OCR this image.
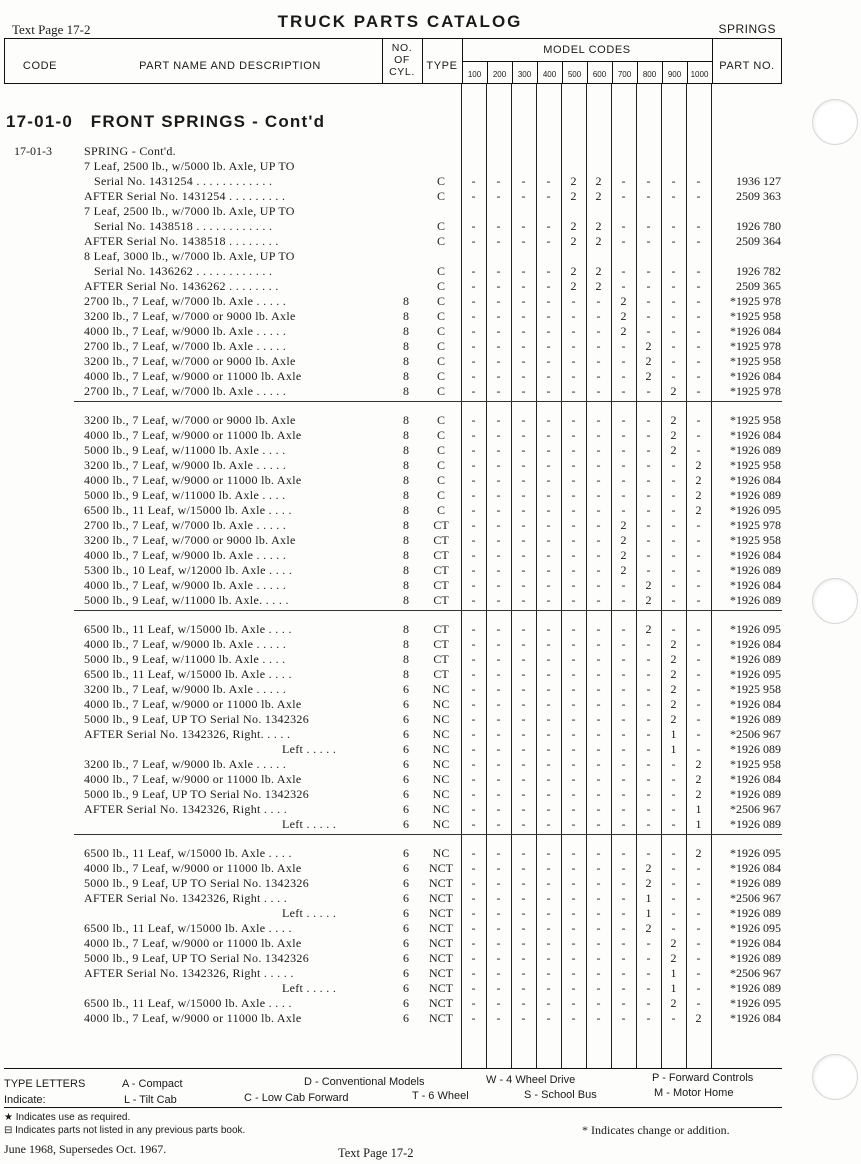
Text Page 17-2	TRUCK PARTS CATALOG	SPRINGS
CODE	PART NAME AND DESCRIPTION
NO.
OF
CYL.	TYPE
MODEL CODES
100	200	300	400	500	600	700	800	900	1000
PART NO.
17-01-0   FRONT SPRINGS - Cont'd
17-01-3	SPRING - Cont'd.
7 Leaf, 2500 lb., w/5000 lb. Axle, UP TO
Serial No. 1431254 . . . . . . . . . . . .	C	-	-	-	-	2	2	-	-	-	-	1936 127
AFTER Serial No. 1431254 . . . . . . . . .	C	-	-	-	-	2	2	-	-	-	-	2509 363
7 Leaf, 2500 lb., w/7000 lb. Axle, UP TO
Serial No. 1438518 . . . . . . . . . . . .	C	-	-	-	-	2	2	-	-	-	-	1926 780
AFTER Serial No. 1438518 . . . . . . . .	C	-	-	-	-	2	2	-	-	-	-	2509 364
8 Leaf, 3000 lb., w/7000 lb. Axle, UP TO
Serial No. 1436262 . . . . . . . . . . . .	C	-	-	-	-	2	2	-	-	-	-	1926 782
AFTER Serial No. 1436262 . . . . . . . .	C	-	-	-	-	2	2	-	-	-	-	2509 365
2700 lb., 7 Leaf, w/7000 lb. Axle . . . . .	8	C	-	-	-	-	-	-	2	-	-	-	*1925 978
3200 lb., 7 Leaf, w/7000 or 9000 lb. Axle	8	C	-	-	-	-	-	-	2	-	-	-	*1925 958
4000 lb., 7 Leaf, w/9000 lb. Axle . . . . .	8	C	-	-	-	-	-	-	2	-	-	-	*1926 084
2700 lb., 7 Leaf, w/7000 lb. Axle . . . . .	8	C	-	-	-	-	-	-	-	2	-	-	*1925 978
3200 lb., 7 Leaf, w/7000 or 9000 lb. Axle	8	C	-	-	-	-	-	-	-	2	-	-	*1925 958
4000 lb., 7 Leaf, w/9000 or 11000 lb. Axle	8	C	-	-	-	-	-	-	-	2	-	-	*1926 084
2700 lb., 7 Leaf, w/7000 lb. Axle . . . . .	8	C	-	-	-	-	-	-	-	-	2	-	*1925 978
3200 lb., 7 Leaf, w/7000 or 9000 lb. Axle	8	C	-	-	-	-	-	-	-	-	2	-	*1925 958
4000 lb., 7 Leaf, w/9000 or 11000 lb. Axle	8	C	-	-	-	-	-	-	-	-	2	-	*1926 084
5000 lb., 9 Leaf, w/11000 lb. Axle . . . .	8	C	-	-	-	-	-	-	-	-	2	-	*1926 089
3200 lb., 7 Leaf, w/9000 lb. Axle . . . . .	8	C	-	-	-	-	-	-	-	-	-	2	*1925 958
4000 lb., 7 Leaf, w/9000 or 11000 lb. Axle	8	C	-	-	-	-	-	-	-	-	-	2	*1926 084
5000 lb., 9 Leaf, w/11000 lb. Axle . . . .	8	C	-	-	-	-	-	-	-	-	-	2	*1926 089
6500 lb., 11 Leaf, w/15000 lb. Axle . . . .	8	C	-	-	-	-	-	-	-	-	-	2	*1926 095
2700 lb., 7 Leaf, w/7000 lb. Axle . . . . .	8	CT	-	-	-	-	-	-	2	-	-	-	*1925 978
3200 lb., 7 Leaf, w/7000 or 9000 lb. Axle	8	CT	-	-	-	-	-	-	2	-	-	-	*1925 958
4000 lb., 7 Leaf, w/9000 lb. Axle . . . . .	8	CT	-	-	-	-	-	-	2	-	-	-	*1926 084
5300 lb., 10 Leaf, w/12000 lb. Axle . . . .	8	CT	-	-	-	-	-	-	2	-	-	-	*1926 089
4000 lb., 7 Leaf, w/9000 lb. Axle . . . . .	8	CT	-	-	-	-	-	-	-	2	-	-	*1926 084
5000 lb., 9 Leaf, w/11000 lb. Axle. . . . .	8	CT	-	-	-	-	-	-	-	2	-	-	*1926 089
6500 lb., 11 Leaf, w/15000 lb. Axle . . . .	8	CT	-	-	-	-	-	-	-	2	-	-	*1926 095
4000 lb., 7 Leaf, w/9000 lb. Axle . . . . .	8	CT	-	-	-	-	-	-	-	-	2	-	*1926 084
5000 lb., 9 Leaf, w/11000 lb. Axle . . . .	8	CT	-	-	-	-	-	-	-	-	2	-	*1926 089
6500 lb., 11 Leaf, w/15000 lb. Axle . . . .	8	CT	-	-	-	-	-	-	-	-	2	-	*1926 095
3200 lb., 7 Leaf, w/9000 lb. Axle . . . . .	6	NC	-	-	-	-	-	-	-	-	2	-	*1925 958
4000 lb., 7 Leaf, w/9000 or 11000 lb. Axle	6	NC	-	-	-	-	-	-	-	-	2	-	*1926 084
5000 lb., 9 Leaf, UP TO Serial No. 1342326	6	NC	-	-	-	-	-	-	-	-	2	-	*1926 089
AFTER Serial No. 1342326, Right. . . . .	6	NC	-	-	-	-	-	-	-	-	1	-	*2506 967
Left . . . . .	6	NC	-	-	-	-	-	-	-	-	1	-	*1926 089
3200 lb., 7 Leaf, w/9000 lb. Axle . . . . .	6	NC	-	-	-	-	-	-	-	-	-	2	*1925 958
4000 lb., 7 Leaf, w/9000 or 11000 lb. Axle	6	NC	-	-	-	-	-	-	-	-	-	2	*1926 084
5000 lb., 9 Leaf, UP TO Serial No. 1342326	6	NC	-	-	-	-	-	-	-	-	-	2	*1926 089
AFTER Serial No. 1342326, Right . . . .	6	NC	-	-	-	-	-	-	-	-	-	1	*2506 967
Left . . . . .	6	NC	-	-	-	-	-	-	-	-	-	1	*1926 089
6500 lb., 11 Leaf, w/15000 lb. Axle . . . .	6	NC	-	-	-	-	-	-	-	-	-	2	*1926 095
4000 lb., 7 Leaf, w/9000 or 11000 lb. Axle	6	NCT	-	-	-	-	-	-	-	2	-	-	*1926 084
5000 lb., 9 Leaf, UP TO Serial No. 1342326	6	NCT	-	-	-	-	-	-	-	2	-	-	*1926 089
AFTER Serial No. 1342326, Right . . . .	6	NCT	-	-	-	-	-	-	-	1	-	-	*2506 967
Left . . . . .	6	NCT	-	-	-	-	-	-	-	1	-	-	*1926 089
6500 lb., 11 Leaf, w/15000 lb. Axle . . . .	6	NCT	-	-	-	-	-	-	-	2	-	-	*1926 095
4000 lb., 7 Leaf, w/9000 or 11000 lb. Axle	6	NCT	-	-	-	-	-	-	-	-	2	-	*1926 084
5000 lb., 9 Leaf, UP TO Serial No. 1342326	6	NCT	-	-	-	-	-	-	-	-	2	-	*1926 089
AFTER Serial No. 1342326, Right . . . . .	6	NCT	-	-	-	-	-	-	-	-	1	-	*2506 967
Left . . . . .	6	NCT	-	-	-	-	-	-	-	-	1	-	*1926 089
6500 lb., 11 Leaf, w/15000 lb. Axle . . . .	6	NCT	-	-	-	-	-	-	-	-	2	-	*1926 095
4000 lb., 7 Leaf, w/9000 or 11000 lb. Axle	6	NCT	-	-	-	-	-	-	-	-	-	2	*1926 084
TYPE LETTERS
Indicate:
A - Compact	D - Conventional Models	W - 4 Wheel Drive	P - Forward Controls
L - Tilt Cab	C - Low Cab Forward	T - 6 Wheel	S - School Bus	M - Motor Home
★ Indicates use as required.
⊟ Indicates parts not listed in any previous parts book.	* Indicates change or addition.
June 1968, Supersedes Oct. 1967.	Text Page 17-2
